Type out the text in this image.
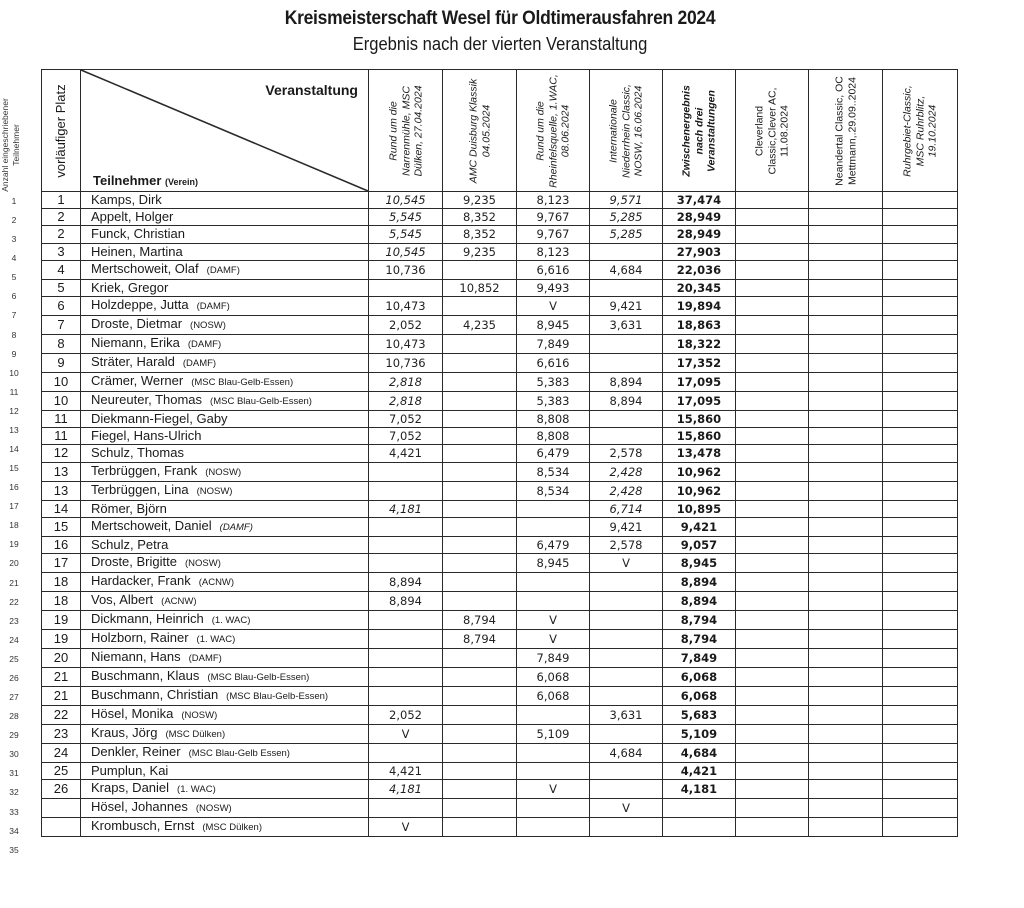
Kreismeisterschaft Wesel für Oldtimerausfahren 2024
Ergebnis nach der vierten Veranstaltung
Anzahl eingeschriebener Teilnehmer
1
2
3
4
5
6
7
8
9
10
11
12
13
14
15
16
17
18
19
20
21
22
23
24
25
26
27
28
29
30
31
32
33
34
35
vorläufiger Platz	Veranstaltung
Teilnehmer (Verein)

Rund um die Narrenmühle, MSC Dülken, 27.04.2024	AMC Duisburg Klassik 04.05.2024	Rund um die Rheinfelsquelle, 1.WAC, 08.06.2024	Internationale Niederrhein Classic, NOSW, 16.06.2024	Zwischenergebnis nach drei Veranstaltungen	Cleverland Classic,Clever AC, 11.08.2024	Neandertal Classic, OC Mettmann,.29.09..2024	Ruhrgebiet-Classic, MSC Ruhrblitz, 19.10.2024

1	Kamps, Dirk	10,545	9,235	8,123	9,571	37,474			
2	Appelt, Holger	5,545	8,352	9,767	5,285	28,949			
2	Funck, Christian	5,545	8,352	9,767	5,285	28,949			
3	Heinen, Martina	10,545	9,235	8,123		27,903			
4	Mertschoweit, Olaf (DAMF)	10,736		6,616	4,684	22,036			
5	Kriek, Gregor		10,852	9,493		20,345			
6	Holzdeppe, Jutta (DAMF)	10,473		V	9,421	19,894			
7	Droste, Dietmar (NOSW)	2,052	4,235	8,945	3,631	18,863			
8	Niemann, Erika (DAMF)	10,473		7,849		18,322			
9	Sträter, Harald (DAMF)	10,736		6,616		17,352			
10	Crämer, Werner (MSC Blau-Gelb-Essen)	2,818		5,383	8,894	17,095			
10	Neureuter, Thomas (MSC Blau-Gelb-Essen)	2,818		5,383	8,894	17,095			
11	Diekmann-Fiegel, Gaby	7,052		8,808		15,860			
11	Fiegel, Hans-Ulrich	7,052		8,808		15,860			
12	Schulz, Thomas	4,421		6,479	2,578	13,478			
13	Terbrüggen, Frank (NOSW)			8,534	2,428	10,962			
13	Terbrüggen, Lina (NOSW)			8,534	2,428	10,962			
14	Römer, Björn	4,181			6,714	10,895			
15	Mertschoweit, Daniel (DAMF)				9,421	9,421			
16	Schulz, Petra			6,479	2,578	9,057			
17	Droste, Brigitte (NOSW)			8,945	V	8,945			
18	Hardacker, Frank (ACNW)	8,894				8,894			
18	Vos, Albert (ACNW)	8,894				8,894			
19	Dickmann, Heinrich (1. WAC)		8,794	V		8,794			
19	Holzborn, Rainer (1. WAC)		8,794	V		8,794			
20	Niemann, Hans (DAMF)			7,849		7,849			
21	Buschmann, Klaus (MSC Blau-Gelb-Essen)			6,068		6,068			
21	Buschmann, Christian (MSC Blau-Gelb-Essen)			6,068		6,068			
22	Hösel, Monika (NOSW)	2,052			3,631	5,683			
23	Kraus, Jörg (MSC Dülken)	V		5,109		5,109			
24	Denkler, Reiner (MSC Blau-Gelb Essen)				4,684	4,684			
25	Pumplun, Kai	4,421				4,421			
26	Kraps, Daniel (1. WAC)	4,181		V		4,181			
	Hösel, Johannes (NOSW)				V				
	Krombusch, Ernst (MSC Dülken)	V							
